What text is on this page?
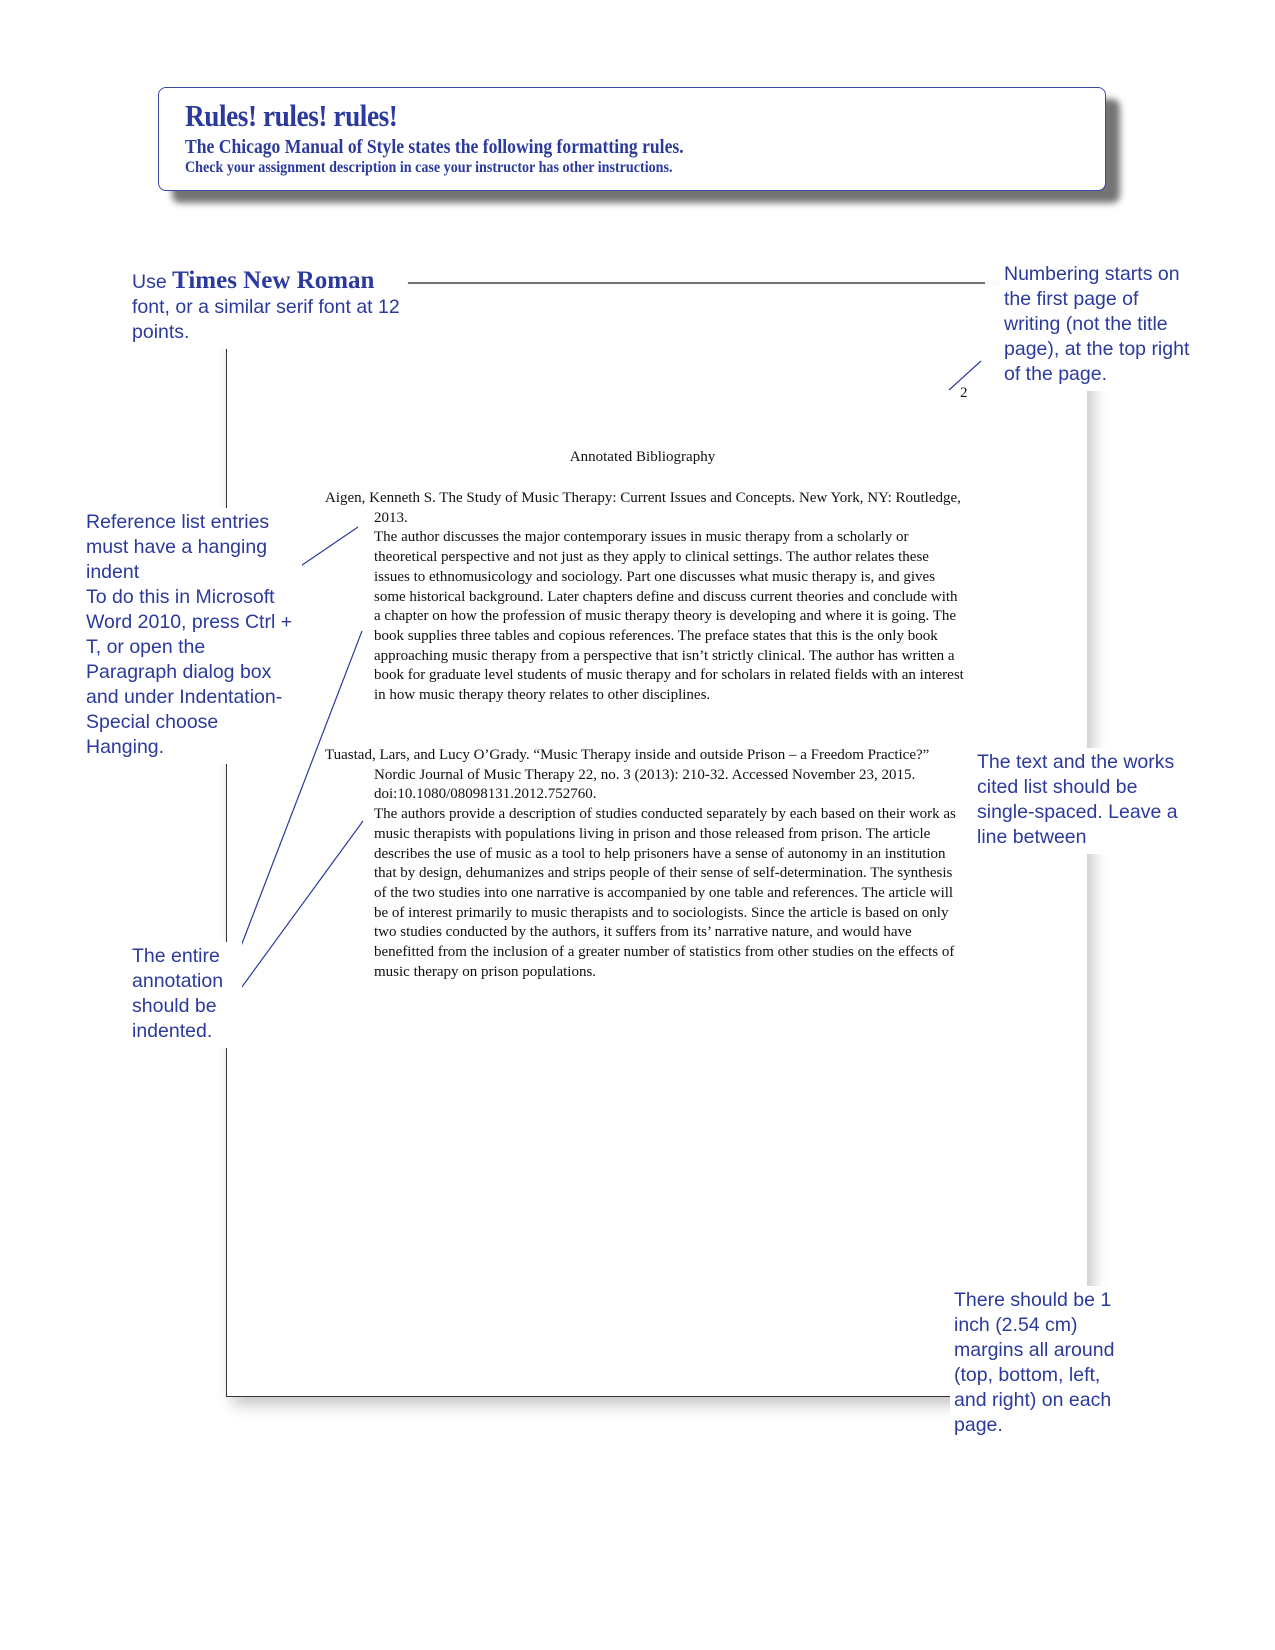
Rules! rules! rules!
The Chicago Manual of Style states the following formatting rules.
Check your assignment description in case your instructor has other instructions.
2
Annotated Bibliography
Aigen, Kenneth S. The Study of Music Therapy: Current Issues and Concepts. New York, NY: Routledge, 2013.
The author discusses the major contemporary issues in music therapy from a scholarly or theoretical perspective and not just as they apply to clinical settings. The author relates these issues to ethnomusicology and sociology. Part one discusses what music therapy is, and gives some historical background. Later chapters define and discuss current theories and conclude with a chapter on how the profession of music therapy theory is developing and where it is going. The book supplies three tables and copious references. The preface states that this is the only book approaching music therapy from a perspective that isn’t strictly clinical. The author has written a book for graduate level students of music therapy and for scholars in related fields with an interest in how music therapy theory relates to other disciplines.
Tuastad, Lars, and Lucy O’Grady. “Music Therapy inside and outside Prison – a Freedom Practice?” Nordic Journal of Music Therapy 22, no. 3 (2013): 210-32. Accessed November 23, 2015. doi:10.1080/08098131.2012.752760.
The authors provide a description of studies conducted separately by each based on their work as music therapists with populations living in prison and those released from prison. The article describes the use of music as a tool to help prisoners have a sense of autonomy in an institution that by design, dehumanizes and strips people of their sense of self-determination. The synthesis of the two studies into one narrative is accompanied by one table and references. The article will be of interest primarily to music therapists and to sociologists. Since the article is based on only two studies conducted by the authors, it suffers from its’ narrative nature, and would have benefitted from the inclusion of a greater number of statistics from other studies on the effects of music therapy on prison populations.
Use Times New Roman
font, or a similar serif font at 12 points.
Numbering starts on the first page of writing (not the title page), at the top right of the page.
Reference list entries must have a hanging indent
To do this in Microsoft Word 2010, press Ctrl + T, or open the Paragraph dialog box and under Indentation-Special choose Hanging.
The text and the works cited list should be single-spaced. Leave a line between
The entire annotation should be indented.
There should be 1 inch (2.54 cm) margins all around (top, bottom, left, and right) on each page.
